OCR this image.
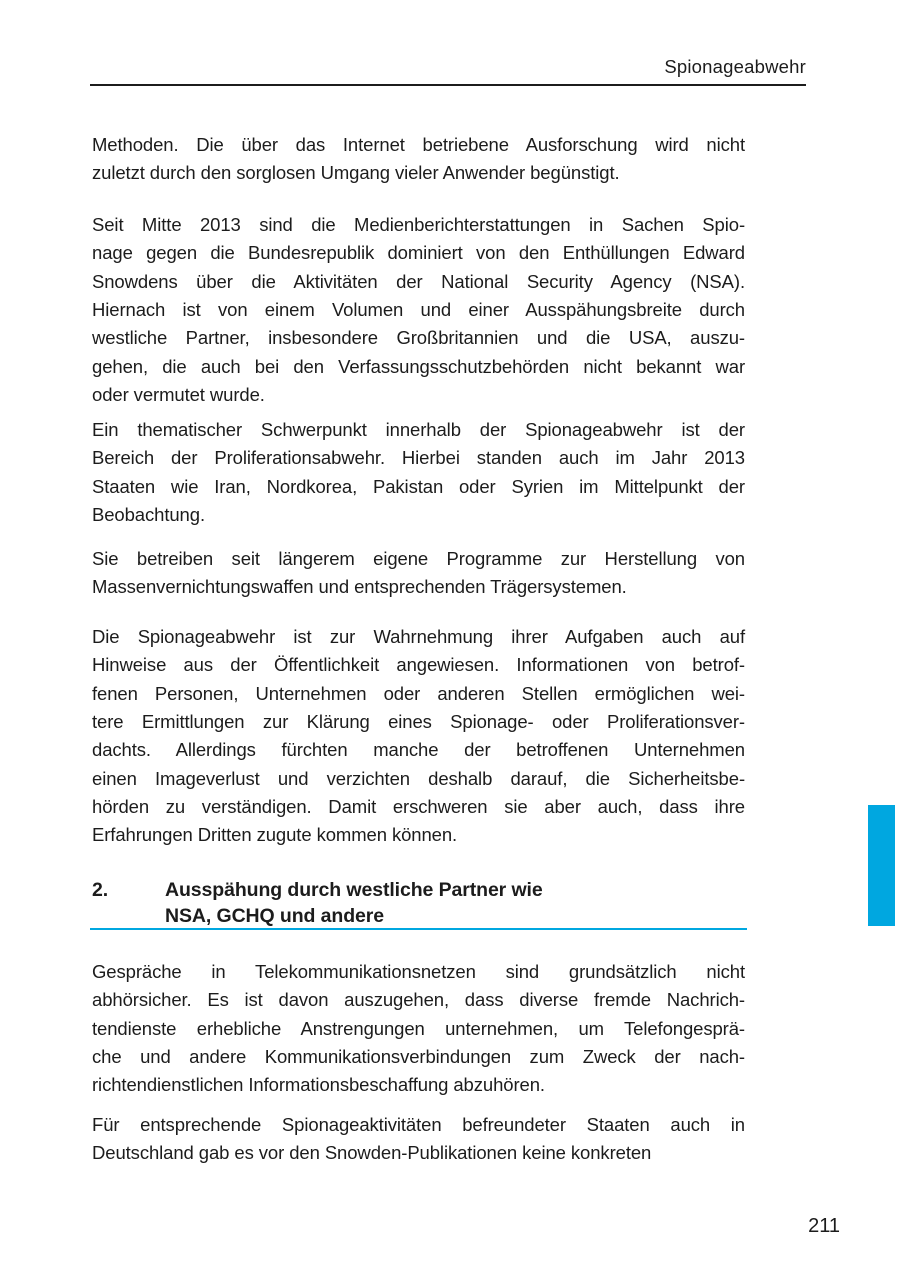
Spionageabwehr
Methoden. Die über das Internet betriebene Ausforschung wird nicht
zuletzt durch den sorglosen Umgang vieler Anwender begünstigt.
Seit Mitte 2013 sind die Medienberichterstattungen in Sachen Spio-
nage gegen die Bundesrepublik dominiert von den Enthüllungen Edward
Snowdens über die Aktivitäten der National Security Agency (NSA).
Hiernach ist von einem Volumen und einer Ausspähungsbreite durch
westliche Partner, insbesondere Großbritannien und die USA, auszu-
gehen, die auch bei den Verfassungsschutzbehörden nicht bekannt war
oder vermutet wurde.
Ein thematischer Schwerpunkt innerhalb der Spionageabwehr ist der
Bereich der Proliferationsabwehr. Hierbei standen auch im Jahr 2013
Staaten wie Iran, Nordkorea, Pakistan oder Syrien im Mittelpunkt der
Beobachtung.
Sie betreiben seit längerem eigene Programme zur Herstellung von
Massenvernichtungswaffen und entsprechenden Trägersystemen.
Die Spionageabwehr ist zur Wahrnehmung ihrer Aufgaben auch auf
Hinweise aus der Öffentlichkeit angewiesen. Informationen von betrof-
fenen Personen, Unternehmen oder anderen Stellen ermöglichen wei-
tere Ermittlungen zur Klärung eines Spionage- oder Proliferationsver-
dachts. Allerdings fürchten manche der betroffenen Unternehmen
einen Imageverlust und verzichten deshalb darauf, die Sicherheitsbe-
hörden zu verständigen. Damit erschweren sie aber auch, dass ihre
Erfahrungen Dritten zugute kommen können.
2.	Ausspähung durch westliche Partner wie
NSA, GCHQ und andere
Gespräche in Telekommunikationsnetzen sind grundsätzlich nicht
abhörsicher. Es ist davon auszugehen, dass diverse fremde Nachrich-
tendienste erhebliche Anstrengungen unternehmen, um Telefongesprä-
che und andere Kommunikationsverbindungen zum Zweck der nach-
richtendienstlichen Informationsbeschaffung abzuhören.
Für entsprechende Spionageaktivitäten befreundeter Staaten auch in
Deutschland gab es vor den Snowden-Publikationen keine konkreten
211
